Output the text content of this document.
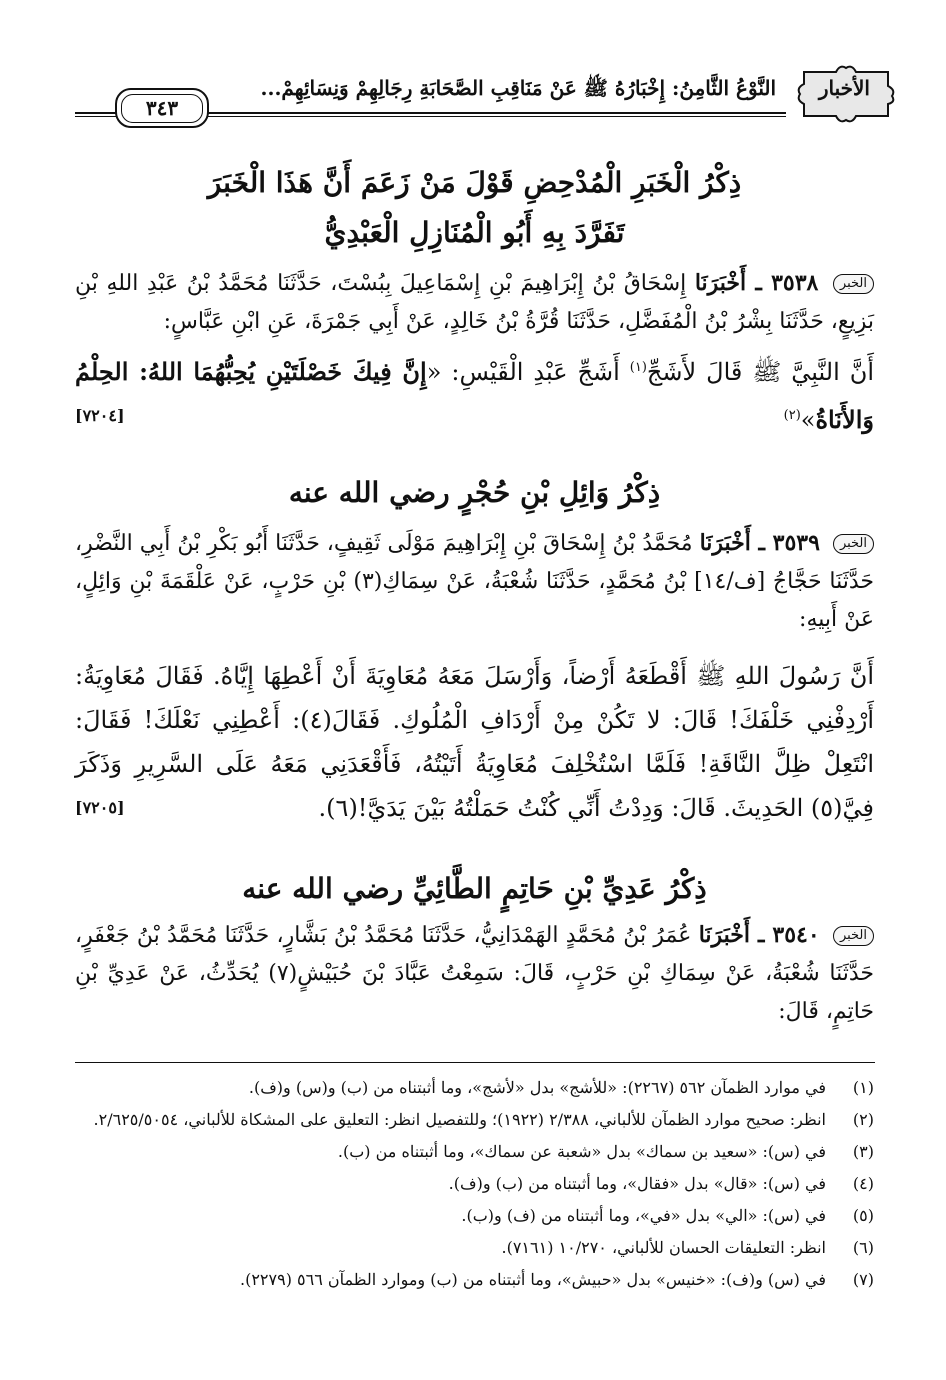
الأخبار
النَّوْعُ الثَّامِنُ: إِخْبَارُهُ ﷺ عَنْ مَنَاقِبِ الصَّحَابَةِ رِجَالِهِمْ وَنِسَائِهِمْ...
٣٤٣
ذِكْرُ الْخَبَرِ الْمُدْحِضِ قَوْلَ مَنْ زَعَمَ أَنَّ هَذَا الْخَبَرَ
تَفَرَّدَ بِهِ أَبُو الْمُنَازِلِ الْعَبْدِيُّ
الخبر ٣٥٣٨ ـ أَخْبَرَنَا إِسْحَاقُ بْنُ إِبْرَاهِيمَ بْنِ إِسْمَاعِيلَ بِبُسْتَ، حَدَّثَنَا مُحَمَّدُ بْنُ عَبْدِ اللهِ بْنِ بَزِيعٍ، حَدَّثَنَا بِشْرُ بْنُ الْمُفَضَّلِ، حَدَّثَنَا قُرَّةُ بْنُ خَالِدٍ، عَنْ أَبِي جَمْرَةَ، عَنِ ابْنِ عَبَّاسٍ:
أَنَّ النَّبِيَّ ﷺ قَالَ لأَشَجِّ$^{(١)}$ أَشَجِّ عَبْدِ الْقَيْسِ: «إِنَّ فِيكَ خَصْلَتَيْنِ يُحِبُّهُمَا اللهُ: الحِلْمُ وَالأَنَاةُ»$^{(٢)}$
[٧٢٠٤]
ذِكْرُ وَائِلِ بْنِ حُجْرٍ رضي الله عنه
الخبر ٣٥٣٩ ـ أَخْبَرَنَا مُحَمَّدُ بْنُ إِسْحَاقَ بْنِ إِبْرَاهِيمَ مَوْلَى ثَقِيفٍ، حَدَّثَنَا أَبُو بَكْرِ بْنُ أَبِي النَّضْرِ، حَدَّثَنَا حَجَّاجُ [ف/١٤] بْنُ مُحَمَّدٍ، حَدَّثَنَا شُعْبَةُ، عَنْ سِمَاكِ(٣) بْنِ حَرْبٍ، عَنْ عَلْقَمَةَ بْنِ وَائِلٍ، عَنْ أَبِيهِ:
أَنَّ رَسُولَ اللهِ ﷺ أَقْطَعَهُ أَرْضاً، وَأَرْسَلَ مَعَهُ مُعَاوِيَةَ أَنْ أَعْطِهَا إِيَّاهُ. فَقَالَ مُعَاوِيَةُ: أَرْدِفْنِي خَلْفَكَ! قَالَ: لا تَكُنْ مِنْ أَرْدَافِ الْمُلُوكِ. فَقَالَ(٤): أَعْطِنِي نَعْلَكَ! فَقَالَ: انْتَعِلْ ظِلَّ النَّاقَةِ! فَلَمَّا اسْتُخْلِفَ مُعَاوِيَةُ أَتَيْتُهُ، فَأَقْعَدَنِي مَعَهُ عَلَى السَّرِيرِ وَذَكَرَ فِيَّ(٥) الحَدِيثَ. قَالَ: وَدِدْتُ أَنِّي كُنْتُ حَمَلْتُهُ بَيْنَ يَدَيَّ!(٦).
[٧٢٠٥]
ذِكْرُ عَدِيِّ بْنِ حَاتِمٍ الطَّائِيِّ رضي الله عنه
الخبر ٣٥٤٠ ـ أَخْبَرَنَا عُمَرُ بْنُ مُحَمَّدٍ الهَمْدَانِيُّ، حَدَّثَنَا مُحَمَّدُ بْنُ بَشَّارٍ، حَدَّثَنَا مُحَمَّدُ بْنُ جَعْفَرٍ، حَدَّثَنَا شُعْبَةُ، عَنْ سِمَاكِ بْنِ حَرْبٍ، قَالَ: سَمِعْتُ عَبَّادَ بْنَ حُبَيْشٍ(٧) يُحَدِّثُ، عَنْ عَدِيِّ بْنِ حَاتِمٍ، قَالَ:
(١)
في موارد الظمآن ٥٦٢ (٢٢٦٧): «للأشج» بدل «لأشج»، وما أثبتناه من (ب) و(س) و(ف).
(٢)
انظر: صحيح موارد الظمآن للألباني، ٢/٣٨٨ (١٩٢٢)؛ وللتفصيل انظر: التعليق على المشكاة للألباني، ٢/٦٢٥/٥٠٥٤.
(٣)
في (س): «سعيد بن سماك» بدل «شعبة عن سماك»، وما أثبتناه من (ب).
(٤)
في (س): «قال» بدل «فقال»، وما أثبتناه من (ب) و(ف).
(٥)
في (س): «الي» بدل «في»، وما أثبتناه من (ف) و(ب).
(٦)
انظر: التعليقات الحسان للألباني، ١٠/٢٧٠ (٧١٦١).
(٧)
في (س) و(ف): «خنيس» بدل «حبيش»، وما أثبتناه من (ب) وموارد الظمآن ٥٦٦ (٢٢٧٩).
